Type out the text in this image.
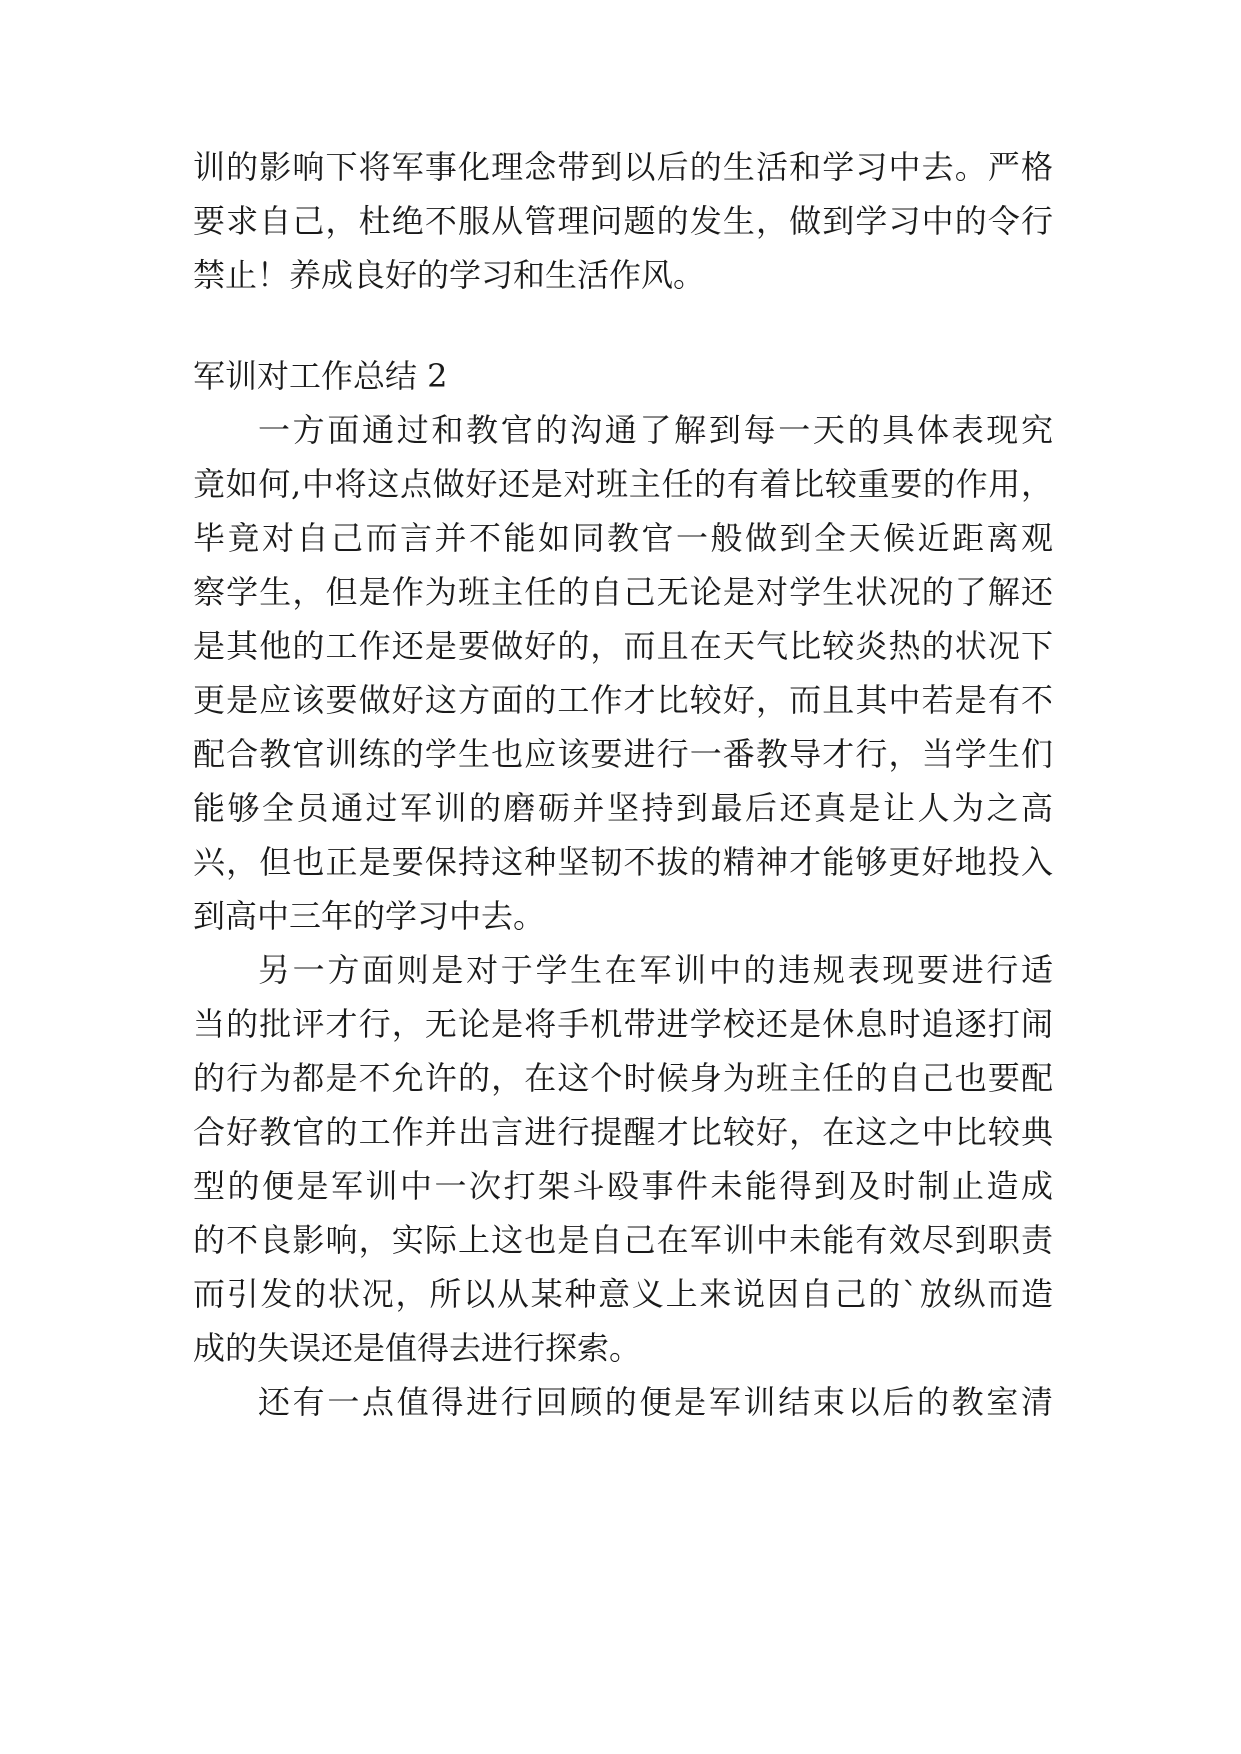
训的影响下将军事化理念带到以后的生活和学习中去。严格
要求自己，杜绝不服从管理问题的发生，做到学习中的令行
禁止！养成良好的学习和生活作风。
军训对工作总结 2
一方面通过和教官的沟通了解到每一天的具体表现究
竟如何,中将这点做好还是对班主任的有着比较重要的作用，
毕竟对自己而言并不能如同教官一般做到全天候近距离观
察学生，但是作为班主任的自己无论是对学生状况的了解还
是其他的工作还是要做好的，而且在天气比较炎热的状况下
更是应该要做好这方面的工作才比较好，而且其中若是有不
配合教官训练的学生也应该要进行一番教导才行，当学生们
能够全员通过军训的磨砺并坚持到最后还真是让人为之高
兴，但也正是要保持这种坚韧不拔的精神才能够更好地投入
到高中三年的学习中去。
另一方面则是对于学生在军训中的违规表现要进行适
当的批评才行，无论是将手机带进学校还是休息时追逐打闹
的行为都是不允许的，在这个时候身为班主任的自己也要配
合好教官的工作并出言进行提醒才比较好，在这之中比较典
型的便是军训中一次打架斗殴事件未能得到及时制止造成
的不良影响，实际上这也是自己在军训中未能有效尽到职责
而引发的状况，所以从某种意义上来说因自己的`放纵而造
成的失误还是值得去进行探索。
还有一点值得进行回顾的便是军训结束以后的教室清
